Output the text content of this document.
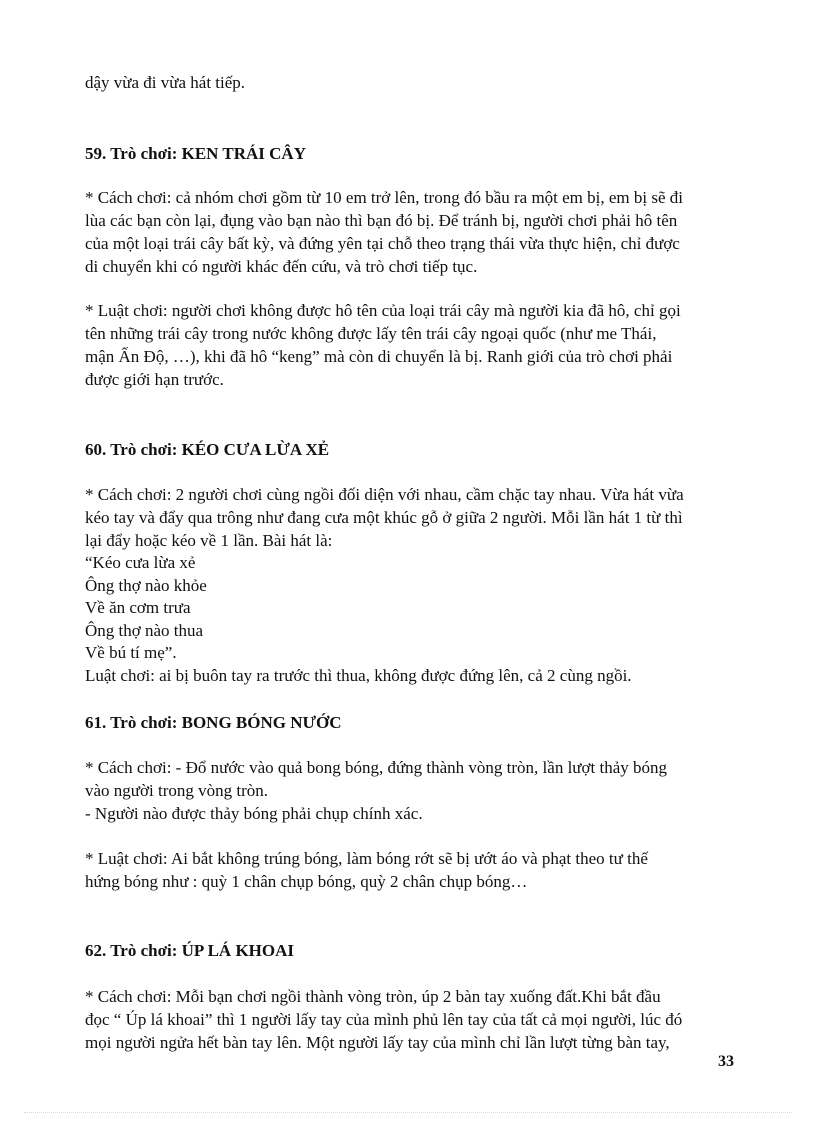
dậy vừa đi vừa hát tiếp.
59. Trò chơi: KEN TRÁI CÂY
* Cách chơi: cả nhóm chơi gồm từ 10 em trở lên, trong đó bầu ra một em bị, em bị sẽ đi
lùa các bạn còn lại, đụng vào bạn nào thì bạn đó bị. Để tránh bị, người chơi phải hô tên
của một loại trái cây bất kỳ, và đứng yên tại chỗ theo trạng thái vừa thực hiện, chỉ được
di chuyển khi có người khác đến cứu, và trò chơi tiếp tục.
* Luật chơi: người chơi không được hô tên của loại trái cây mà người kia đã hô, chỉ gọi
tên những trái cây trong nước không được lấy tên trái cây ngoại quốc (như me Thái,
mận Ấn Độ, …), khi đã hô “keng” mà còn di chuyển là bị. Ranh giới của trò chơi phải
được giới hạn trước.
60. Trò chơi: KÉO CƯA LỪA XẺ
* Cách chơi: 2 người chơi cùng ngồi đối diện với nhau, cầm chặc tay nhau. Vừa hát vừa
kéo tay và đẩy qua trông như đang cưa một khúc gỗ ở giữa 2 người. Mỗi lần hát 1 từ thì
lại đẩy hoặc kéo về 1 lần. Bài hát là:
“Kéo cưa lừa xẻ
Ông thợ nào khỏe
Về ăn cơm trưa
Ông thợ nào thua
Về bú tí mẹ”.
Luật chơi: ai bị buôn tay ra trước thì thua, không được đứng lên, cả 2 cùng ngồi.
61. Trò chơi: BONG BÓNG NƯỚC
* Cách chơi: - Đổ nước vào quả bong bóng, đứng thành vòng tròn, lần lượt thảy bóng
vào người trong vòng tròn.
- Người nào được thảy bóng phải chụp chính xác.
* Luật chơi: Ai bắt không trúng bóng, làm bóng rớt sẽ bị ướt áo và phạt theo tư thế
hứng bóng như : quỳ 1 chân chụp bóng, quỳ 2 chân chụp bóng…
62. Trò chơi: ÚP LÁ KHOAI
* Cách chơi: Mỗi bạn chơi ngồi thành vòng tròn, úp 2 bàn tay xuống đất.Khi bắt đầu
đọc “ Úp lá khoai” thì 1 người lấy tay của mình phủ lên tay của tất cả mọi người, lúc đó
mọi người ngửa hết bàn tay lên. Một người lấy tay của mình chỉ lần lượt từng bàn tay,
33
